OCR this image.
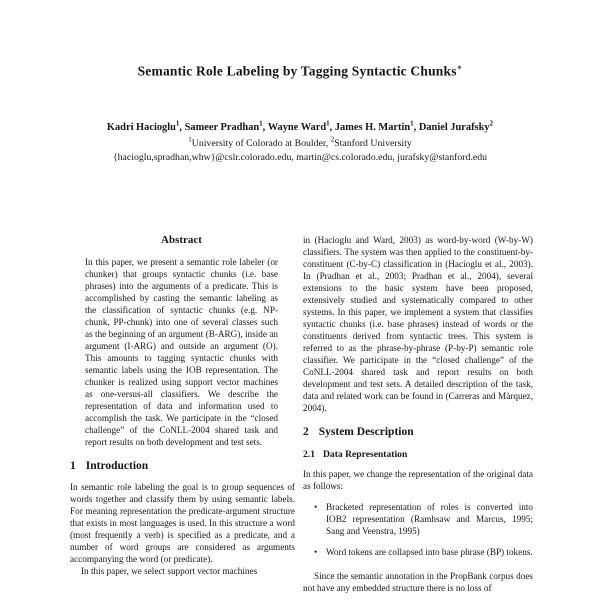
Semantic Role Labeling by Tagging Syntactic Chunks∗
Kadri Hacioglu$^1$, Sameer Pradhan$^1$, Wayne Ward$^1$, James H. Martin$^1$, Daniel Jurafsky$^2$
$^1$University of Colorado at Boulder, $^2$Stanford University
{hacioglu,spradhan,whw}@cslr.colorado.edu, martin@cs.colorado.edu, jurafsky@stanford.edu
Abstract

In this paper, we present a semantic role labeler (or chunker) that groups syntactic chunks (i.e. base phrases) into the arguments of a predicate. This is accomplished by casting the semantic labeling as the classification of syntactic chunks (e.g. NP-chunk, PP-chunk) into one of several classes such as the beginning of an argument (B-ARG), inside an argument (I-ARG) and outside an argument (O). This amounts to tagging syntactic chunks with semantic labels using the IOB representation. The chunker is realized using support vector machines as one-versus-all classifiers. We describe the representation of data and information used to accomplish the task. We participate in the “closed challenge” of the CoNLL-2004 shared task and report results on both development and test sets.

1 Introduction

In semantic role labeling the goal is to group sequences of words together and classify them by using semantic labels. For meaning representation the predicate-argument structure that exists in most languages is used. In this structure a word (most frequently a verb) is specified as a predicate, and a number of word groups are considered as arguments accompanying the word (or predicate).

In this paper, we select support vector machines

in (Hacioglu and Ward, 2003) as word-by-word (W-by-W) classifiers. The system was then applied to the constituent-by-constituent (C-by-C) classification in (Hacioglu et al., 2003). In (Pradhan et al., 2003; Pradhan et al., 2004), several extensions to the basic system have been proposed, extensively studied and systematically compared to other systems. In this paper, we implement a system that classifies syntactic chunks (i.e. base phrases) instead of words or the constituents derived from syntactic trees. This system is referred to as the phrase-by-phrase (P-by-P) semantic role classifier. We participate in the “closed challenge” of the CoNLL-2004 shared task and report results on both development and test sets. A detailed description of the task, data and related work can be found in (Carreras and Màrquez, 2004).

2 System Description
2.1 Data Representation

In this paper, we change the representation of the original data as follows:

• Bracketed representation of roles is converted into IOB2 representation (Ramhsaw and Marcus, 1995; Sang and Veenstra, 1995)

• Word tokens are collapsed into base phrase (BP) tokens.

Since the semantic annotation in the PropBank corpus does not have any embedded structure there is no loss of
